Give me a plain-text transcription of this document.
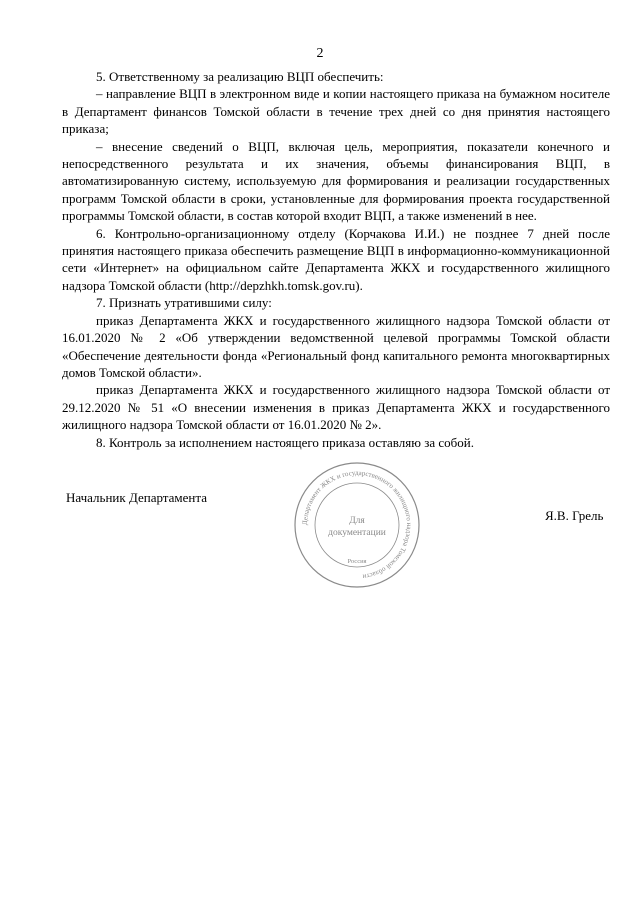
2

5. Ответственному за реализацию ВЦП обеспечить:

– направление ВЦП в электронном виде и копии настоящего приказа на бумажном носителе в Департамент финансов Томской области в течение трех дней со дня принятия настоящего приказа;

– внесение сведений о ВЦП, включая цель, мероприятия, показатели конечного и непосредственного результата и их значения, объемы финансирования ВЦП, в автоматизированную систему, используемую для формирования и реализации государственных программ Томской области в сроки, установленные для формирования проекта государственной программы Томской области, в состав которой входит ВЦП, а также изменений в нее.

6. Контрольно-организационному отделу (Корчакова И.И.) не позднее 7 дней после принятия настоящего приказа обеспечить размещение ВЦП в информационно-коммуникационной сети «Интернет» на официальном сайте Департамента ЖКХ и государственного жилищного надзора Томской области (http://depzhkh.tomsk.gov.ru).

7. Признать утратившими силу:

приказ Департамента ЖКХ и государственного жилищного надзора Томской области от 16.01.2020 № 2 «Об утверждении ведомственной целевой программы Томской области «Обеспечение деятельности фонда «Региональный фонд капитального ремонта многоквартирных домов Томской области».

приказ Департамента ЖКХ и государственного жилищного надзора Томской области от 29.12.2020 № 51 «О внесении изменения в приказ Департамента ЖКХ и государственного жилищного надзора Томской области от 16.01.2020 № 2».

8. Контроль за исполнением настоящего приказа оставляю за собой.

Начальник Департамента
Департамент ЖКХ и государственного жилищного надзора Томской области
Россия
Для
документации
Я.В. Грель
